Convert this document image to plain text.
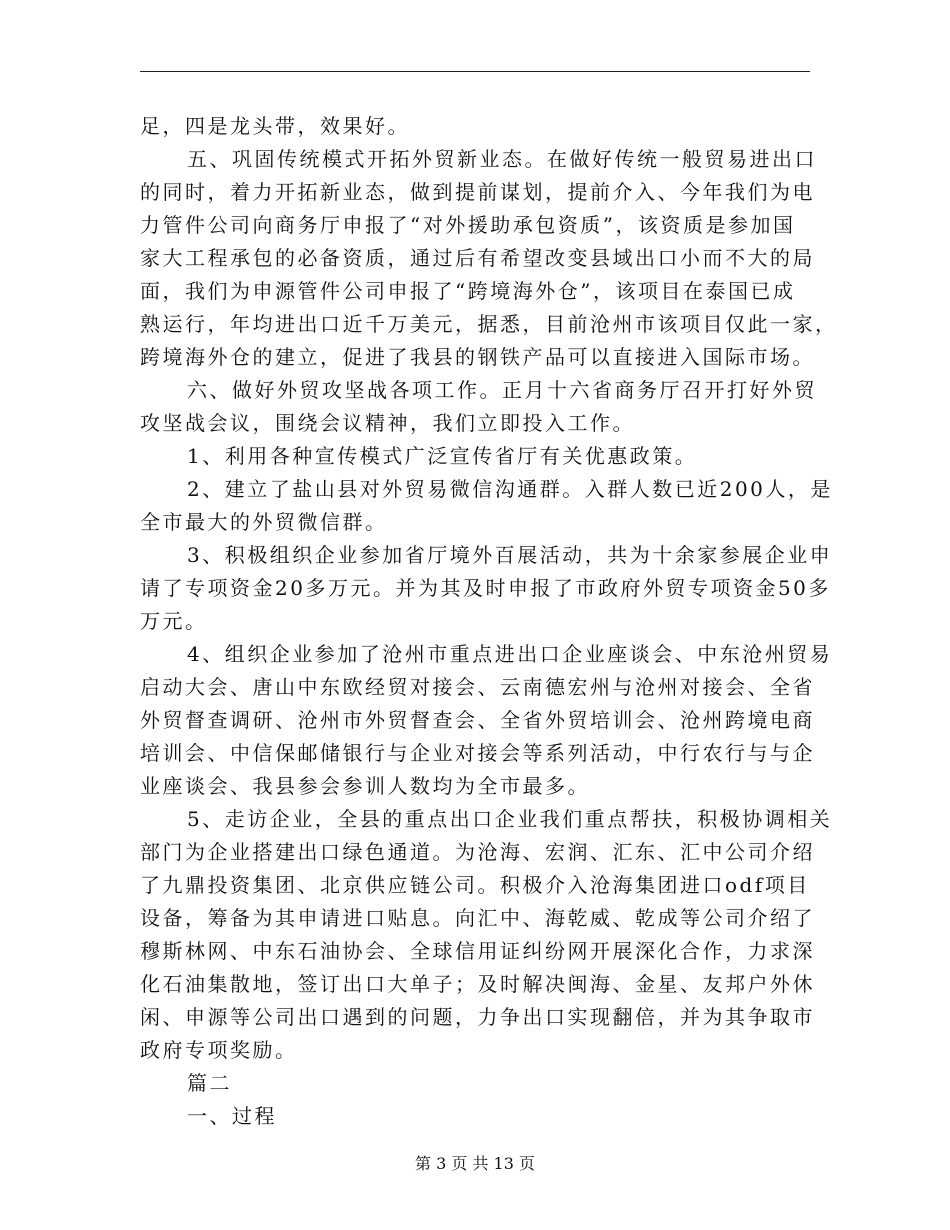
足，四是龙头带，效果好。
五、巩固传统模式开拓外贸新业态。在做好传统一般贸易进出口
的同时，着力开拓新业态，做到提前谋划，提前介入、今年我们为电
力管件公司向商务厅申报了“对外援助承包资质”，该资质是参加国
家大工程承包的必备资质，通过后有希望改变县域出口小而不大的局
面，我们为申源管件公司申报了“跨境海外仓”，该项目在泰国已成
熟运行，年均进出口近千万美元，据悉，目前沧州市该项目仅此一家，
跨境海外仓的建立，促进了我县的钢铁产品可以直接进入国际市场。
六、做好外贸攻坚战各项工作。正月十六省商务厅召开打好外贸
攻坚战会议，围绕会议精神，我们立即投入工作。
1、利用各种宣传模式广泛宣传省厅有关优惠政策。
2、建立了盐山县对外贸易微信沟通群。入群人数已近200人，是
全市最大的外贸微信群。
3、积极组织企业参加省厅境外百展活动，共为十余家参展企业申
请了专项资金20多万元。并为其及时申报了市政府外贸专项资金50多
万元。
4、组织企业参加了沧州市重点进出口企业座谈会、中东沧州贸易
启动大会、唐山中东欧经贸对接会、云南德宏州与沧州对接会、全省
外贸督查调研、沧州市外贸督查会、全省外贸培训会、沧州跨境电商
培训会、中信保邮储银行与企业对接会等系列活动，中行农行与与企
业座谈会、我县参会参训人数均为全市最多。
5、走访企业，全县的重点出口企业我们重点帮扶，积极协调相关
部门为企业搭建出口绿色通道。为沧海、宏润、汇东、汇中公司介绍
了九鼎投资集团、北京供应链公司。积极介入沧海集团进口odf项目
设备，筹备为其申请进口贴息。向汇中、海乾威、乾成等公司介绍了
穆斯林网、中东石油协会、全球信用证纠纷网开展深化合作，力求深
化石油集散地，签订出口大单子；及时解决闽海、金星、友邦户外休
闲、申源等公司出口遇到的问题，力争出口实现翻倍，并为其争取市
政府专项奖励。
篇二
第 3 页 共 13 页
一、过程
